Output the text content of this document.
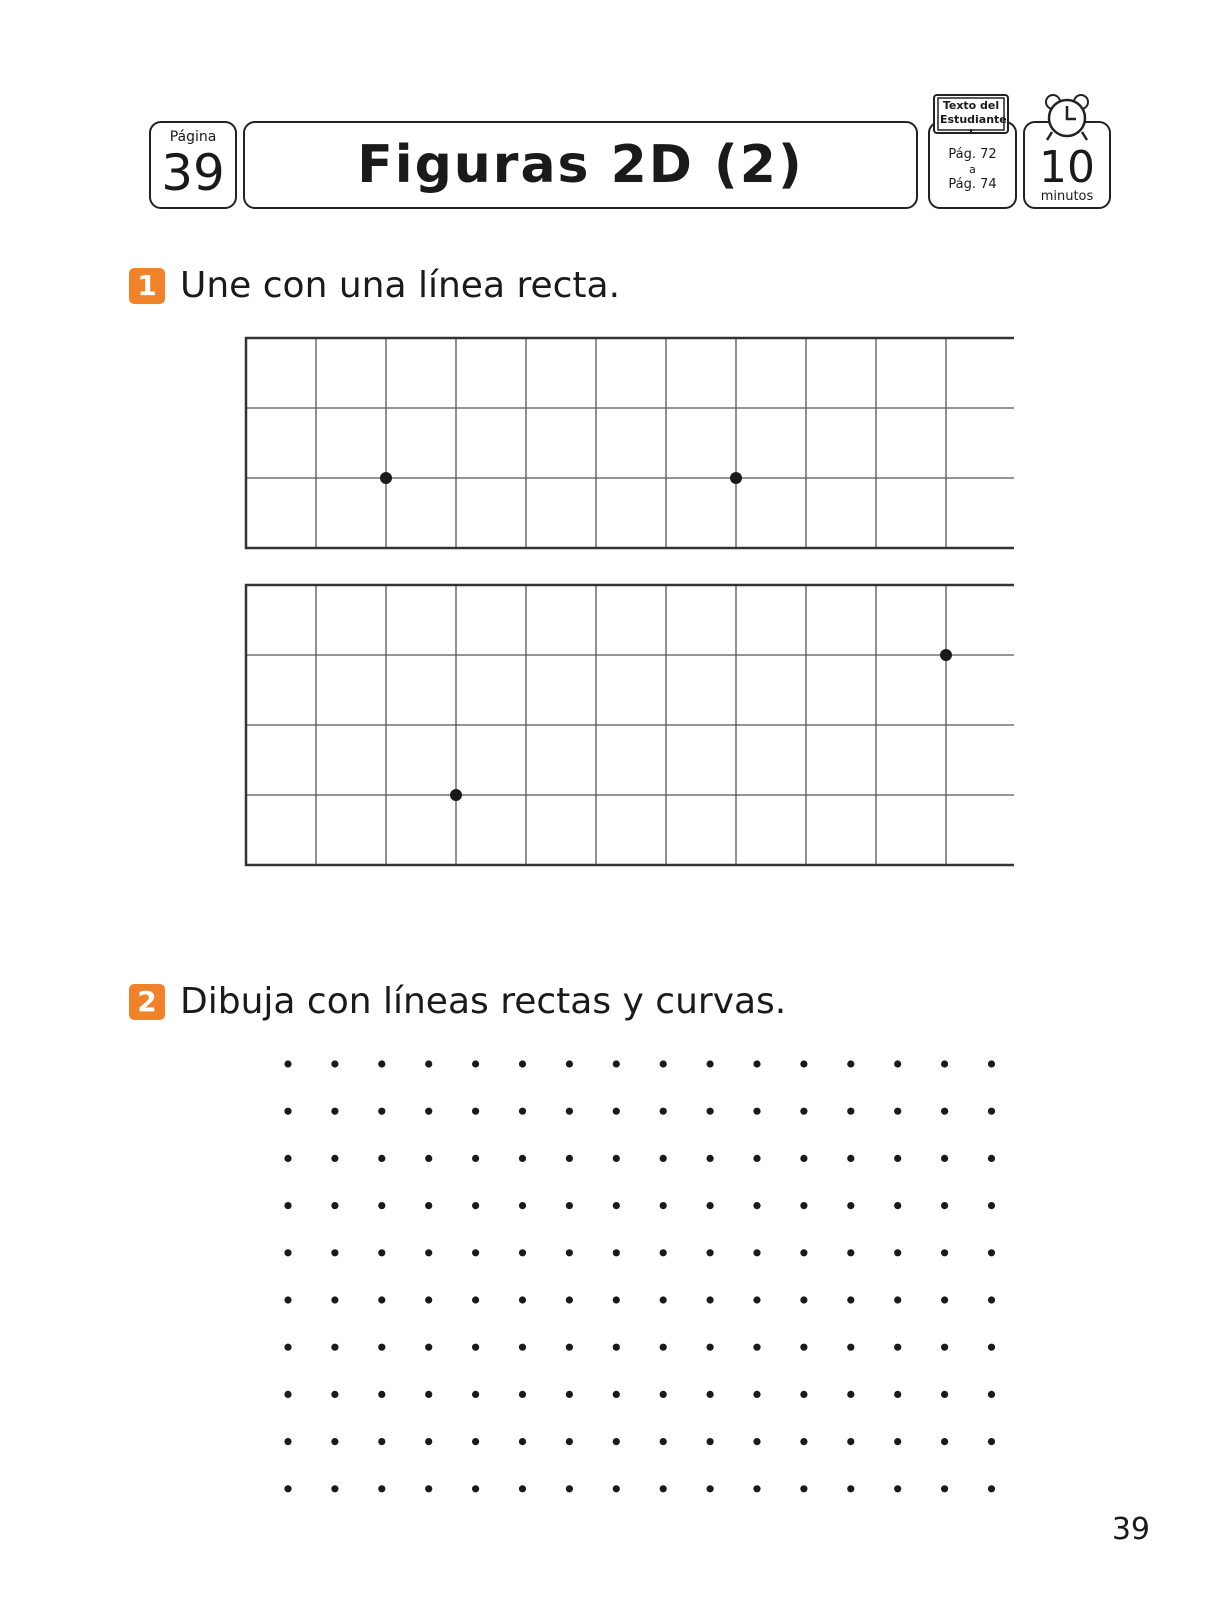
Página
39	Figuras 2D (2)	Pág. 72
a
Pág. 74
Texto del Estudiante
10
minutos
1 Une con una línea recta.
2 Dibuja con líneas rectas y curvas.
39
